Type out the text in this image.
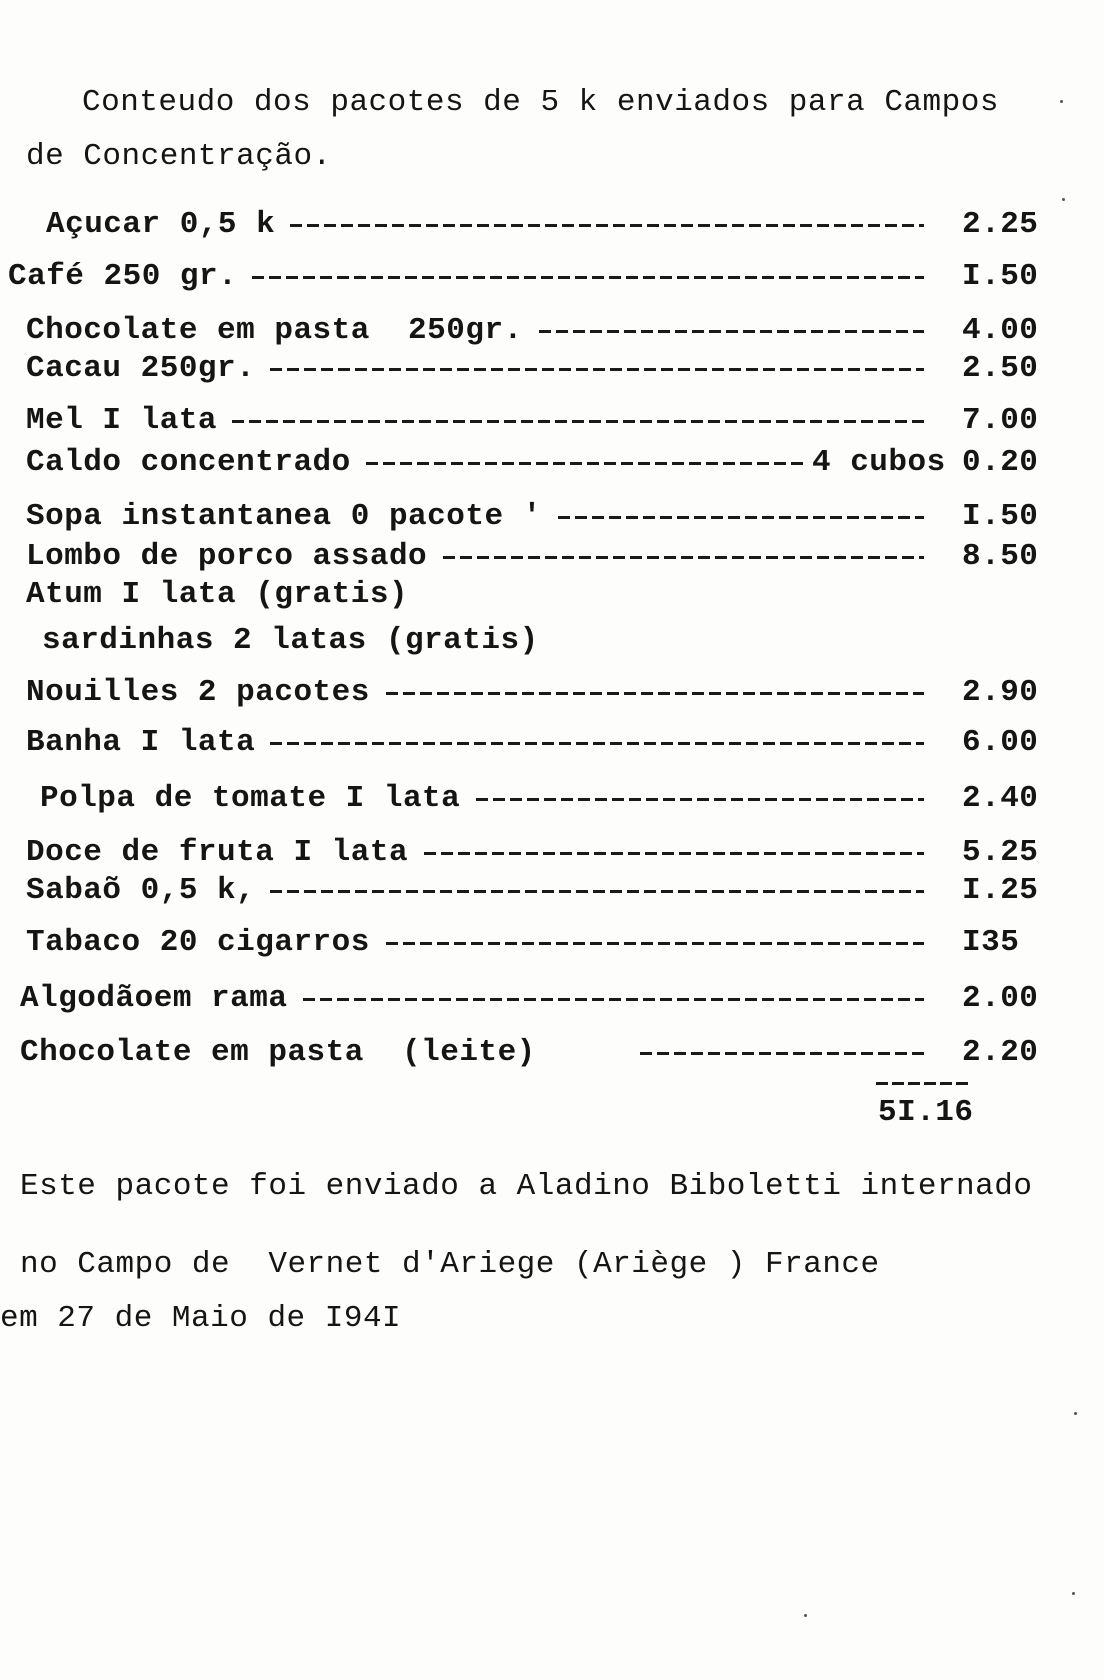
Conteudo dos pacotes de 5 k enviados para Campos
de Concentração.
Açucar 0,5 k	2.25
Café 250 gr.	I.50
Chocolate em pasta  250gr.	4.00
Cacau 250gr.	2.50
Mel I lata	7.00
Caldo concentrado	4 cubos 0.20
Sopa instantanea 0 pacote '	I.50
Lombo de porco assado	8.50
Atum I lata (gratis)
sardinhas 2 latas (gratis)
Nouilles 2 pacotes	2.90
Banha I lata	6.00
Polpa de tomate I lata	2.40
Doce de fruta I lata	5.25
Sabaõ 0,5 k,	I.25
Tabaco 20 cigarros	I35
Algodãoem rama	2.00
Chocolate em pasta  (leite)	2.20
5I.16
Este pacote foi enviado a Aladino Biboletti internado
no Campo de  Vernet d'Ariege (Ariège ) France
em 27 de Maio de I94I
